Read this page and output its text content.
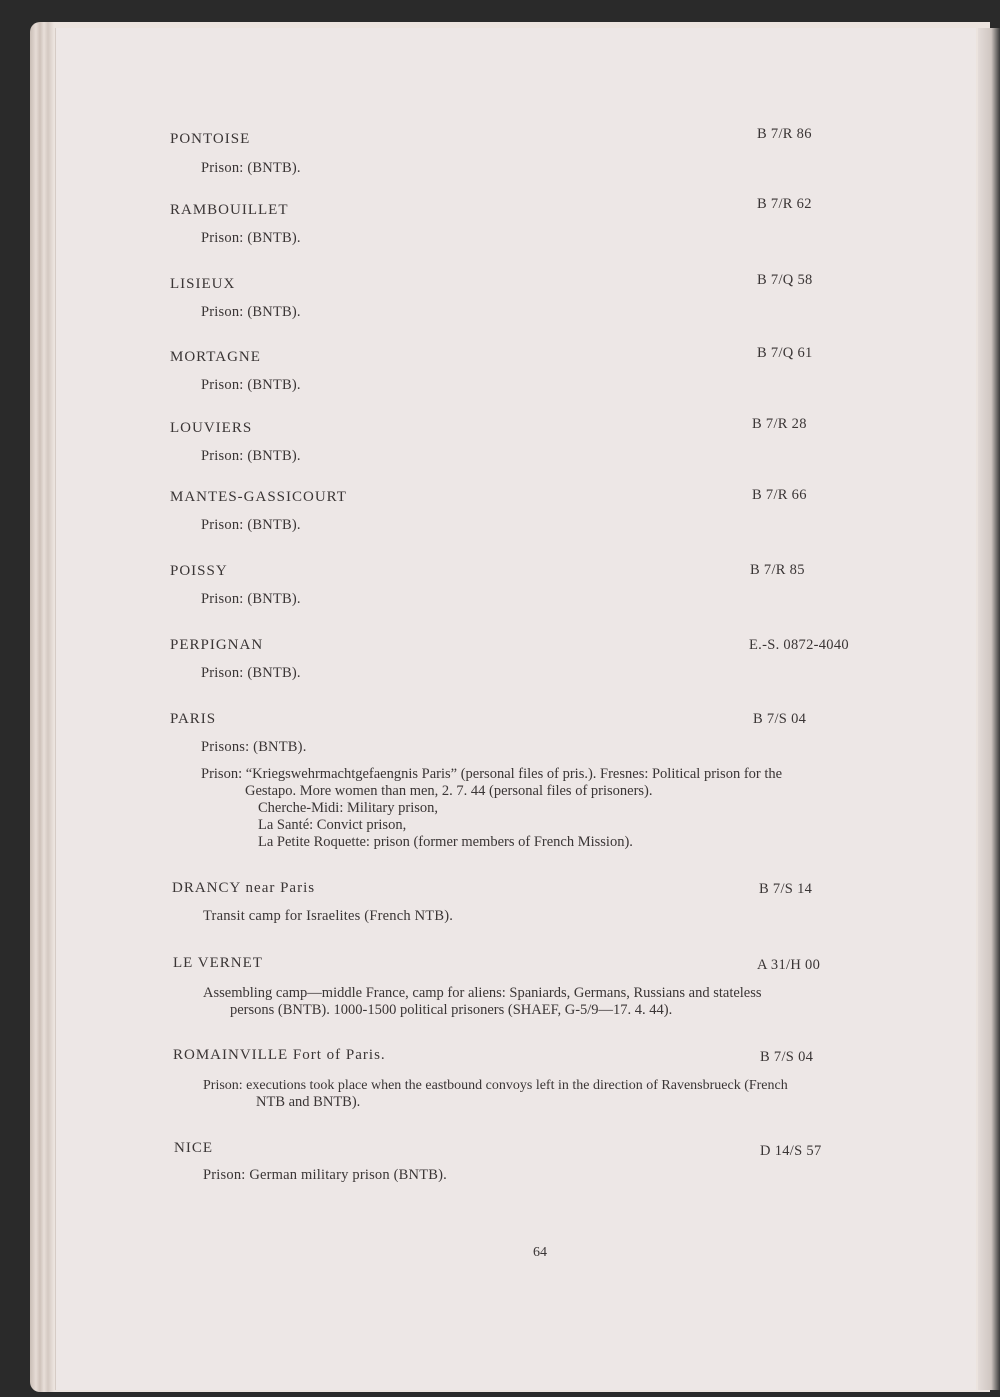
PONTOISE	B 7/R 86
Prison: (BNTB).
RAMBOUILLET	B 7/R 62
Prison: (BNTB).
LISIEUX	B 7/Q 58
Prison: (BNTB).
MORTAGNE	B 7/Q 61
Prison: (BNTB).
LOUVIERS	B 7/R 28
Prison: (BNTB).
MANTES-GASSICOURT	B 7/R 66
Prison: (BNTB).
POISSY	B 7/R 85
Prison: (BNTB).
PERPIGNAN	E.-S. 0872-4040
Prison: (BNTB).
PARIS	B 7/S 04
Prisons: (BNTB).
Prison: “Kriegswehrmachtgefaengnis Paris” (personal files of pris.). Fresnes: Political prison for the
Gestapo. More women than men, 2. 7. 44 (personal files of prisoners).
Cherche-Midi: Military prison,
La Santé: Convict prison,
La Petite Roquette: prison (former members of French Mission).
DRANCY near Paris	B 7/S 14
Transit camp for Israelites (French NTB).
LE VERNET	A 31/H 00
Assembling camp—middle France, camp for aliens: Spaniards, Germans, Russians and stateless
persons (BNTB). 1000-1500 political prisoners (SHAEF, G-5/9—17. 4. 44).
ROMAINVILLE Fort of Paris.	B 7/S 04
Prison: executions took place when the eastbound convoys left in the direction of Ravensbrueck (French
NTB and BNTB).
NICE	D 14/S 57
Prison: German military prison (BNTB).
64
